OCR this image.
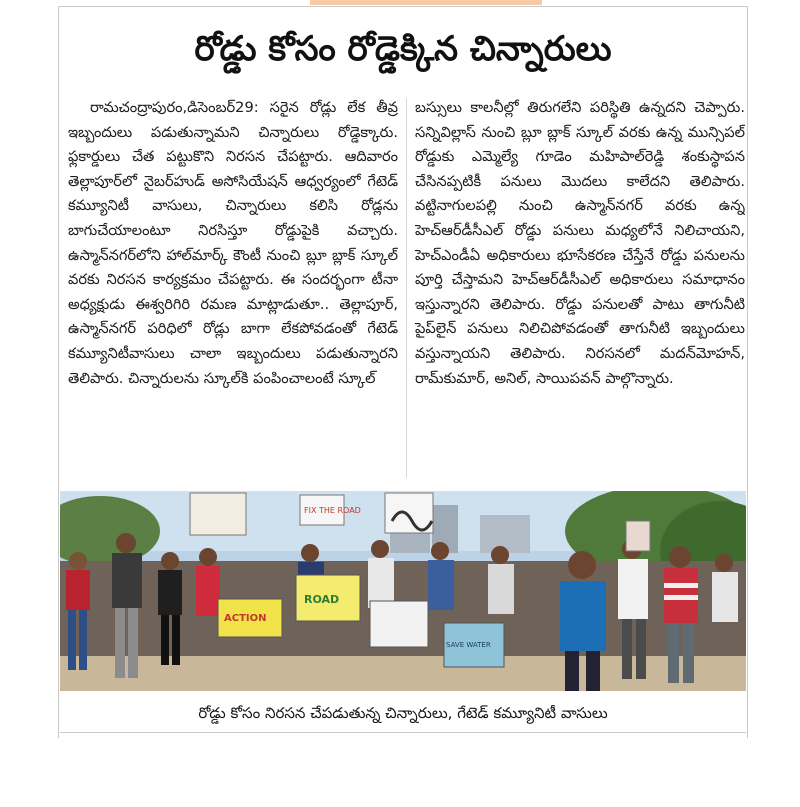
రోడ్డు కోసం రోడ్డెక్కిన చిన్నారులు

రామచంద్రాపురం,డిసెంబర్29: సరైన రోడ్లు లేక తీవ్ర ఇబ్బందులు పడుతున్నామని చిన్నారులు రోడ్డెక్కారు. ఫ్లకార్డులు చేత పట్టుకొని నిరసన చేపట్టారు. ఆదివారం తెల్లాపూర్‌లో నైబర్‌హుడ్ అసోసియేషన్ ఆధ్వర్యంలో గేటెడ్ కమ్యూనిటీ వాసులు, చిన్నారులు కలిసి రోడ్లను బాగుచేయాలంటూ నిరసిస్తూ రోడ్డుపైకి వచ్చారు. ఉస్మాన్‌నగర్‌లోని హాల్‌మార్క్ కౌంటీ నుంచి బ్లూ బ్లాక్ స్కూల్ వరకు నిరసన కార్యక్రమం చేపట్టారు. ఈ సందర్భంగా టీనా అధ్యక్షుడు ఈశ్వరిగిరి రమణ మాట్లాడుతూ.. తెల్లాపూర్, ఉస్మాన్‌నగర్ పరిధిలో రోడ్లు బాగా లేకపోవడంతో గేటెడ్ కమ్యూనిటీవాసులు చాలా ఇబ్బందులు పడుతున్నారని తెలిపారు. చిన్నారులను స్కూల్‌కి పంపించాలంటే స్కూల్

బస్సులు కాలనీల్లో తిరుగలేని పరిస్థితి ఉన్నదని చెప్పారు. సన్నివిల్లాస్ నుంచి బ్లూ బ్లాక్ స్కూల్ వరకు ఉన్న మున్సిపల్ రోడ్డుకు ఎమ్మెల్యే గూడెం మహిపాల్‌రెడ్డి శంకుస్థాపన చేసినప్పటికీ పనులు మొదలు కాలేదని తెలిపారు. వట్టినాగులపల్లి నుంచి ఉస్మాన్‌నగర్ వరకు ఉన్న హెచ్‌ఆర్‌డీసీఎల్ రోడ్డు పనులు మధ్యలోనే నిలిచాయని, హెచ్‌ఎండీఏ అధికారులు భూసేకరణ చేస్తేనే రోడ్డు పనులను పూర్తి చేస్తామని హెచ్‌ఆర్‌డీసీఎల్ అధికారులు సమాధానం ఇస్తున్నారని తెలిపారు. రోడ్డు పనులతో పాటు తాగునీటి పైప్‌లైన్ పనులు నిలిచిపోవడంతో తాగునీటి ఇబ్బందులు వస్తున్నాయని తెలిపారు. నిరసనలో మదన్‌మోహన్, రామ్‌కుమార్, అనిల్, సాయిపవన్ పాల్గొన్నారు.

FIX THE ROAD
ACTION
ROAD
SAVE WATER
రోడ్డు కోసం నిరసన చేపడుతున్న చిన్నారులు, గేటెడ్ కమ్యూనిటీ వాసులు
